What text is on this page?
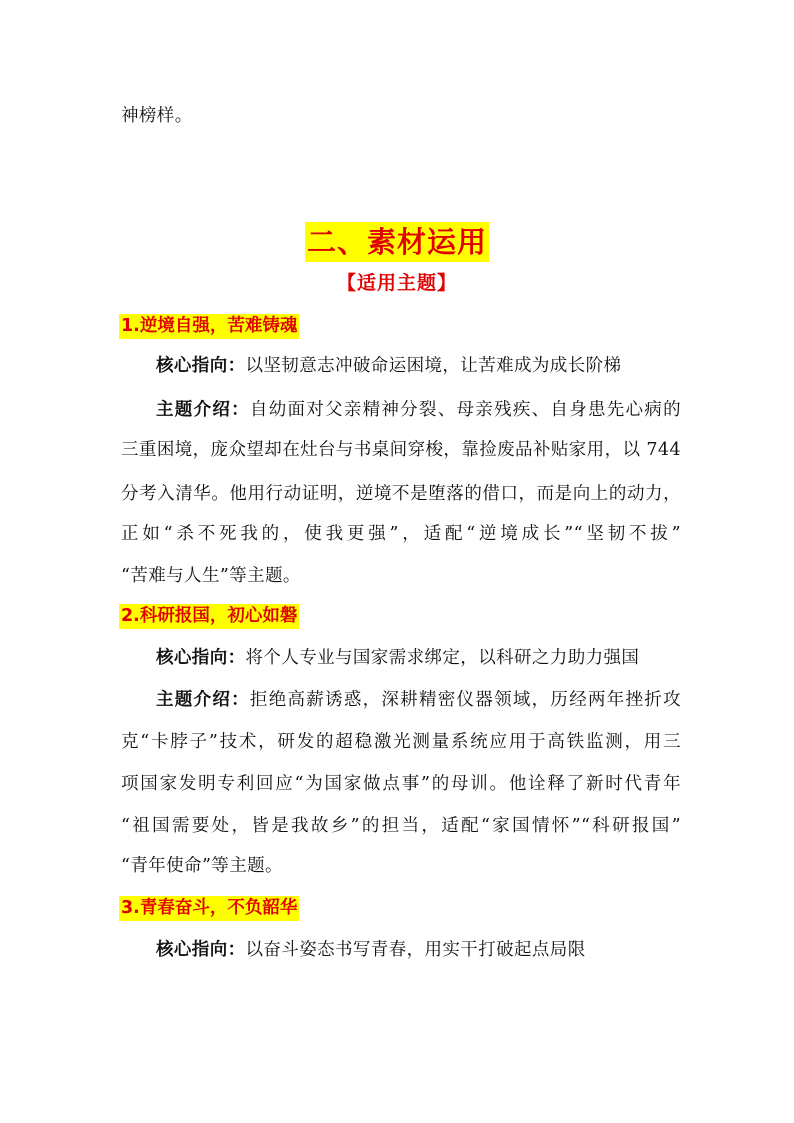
神榜样。
二、素材运用
【适用主题】
1.逆境自强，苦难铸魂
核心指向：以坚韧意志冲破命运困境，让苦难成为成长阶梯
主题介绍：自幼面对父亲精神分裂、母亲残疾、自身患先心病的
三重困境，庞众望却在灶台与书桌间穿梭，靠捡废品补贴家用，以 744
分考入清华。他用行动证明，逆境不是堕落的借口，而是向上的动力，
正如“杀不死我的，使我更强”，适配“逆境成长”“坚韧不拔”
“苦难与人生”等主题。
2.科研报国，初心如磐
核心指向：将个人专业与国家需求绑定，以科研之力助力强国
主题介绍：拒绝高薪诱惑，深耕精密仪器领域，历经两年挫折攻
克“卡脖子”技术，研发的超稳激光测量系统应用于高铁监测，用三
项国家发明专利回应“为国家做点事”的母训。他诠释了新时代青年
“祖国需要处，皆是我故乡”的担当，适配“家国情怀”“科研报国”
“青年使命”等主题。
3.青春奋斗，不负韶华
核心指向：以奋斗姿态书写青春，用实干打破起点局限
